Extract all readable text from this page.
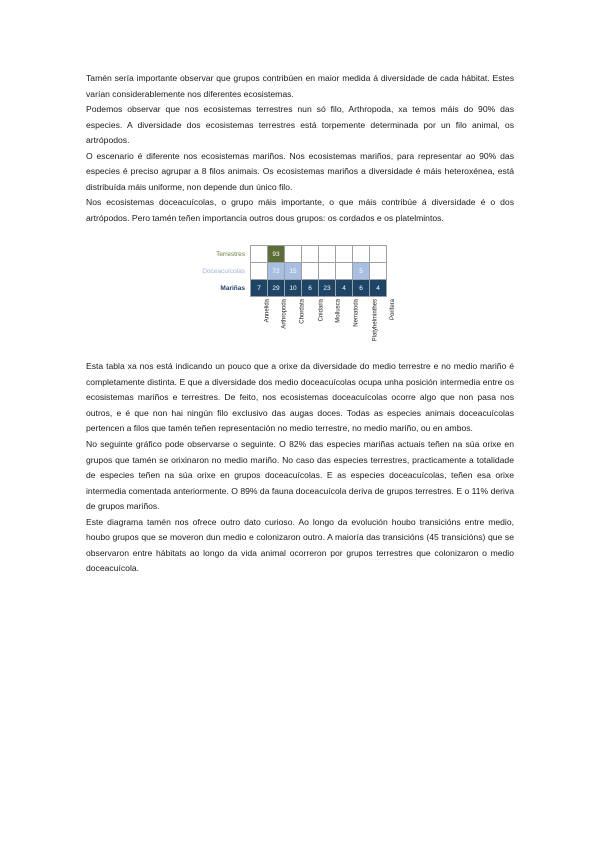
Tamén sería importante observar que grupos contribúen en maior medida á diversidade de cada hábitat. Estes varían considerablemente nos diferentes ecosistemas.
Podemos observar que nos ecosistemas terrestres nun só filo, Arthropoda, xa temos máis do 90% das especies. A diversidade dos ecosistemas terrestres está torpemente determinada por un filo animal, os artrópodos.
O escenario é diferente nos ecosistemas mariños. Nos ecosistemas mariños, para representar ao 90% das especies é preciso agrupar a 8 filos animais. Os ecosistemas mariños a diversidade é máis heteroxénea, está distribuída máis uniforme, non depende dun único filo.
Nos ecosistemas doceacuícolas, o grupo máis importante, o que máis contribúe á diversidade é o dos artrópodos. Pero tamén teñen importancia outros dous grupos: os cordados e os platelmintos.
Terrestres		93						
Doceacuícolas		72	15				5	
Mariñas	7	29	10	6	23	4	6	4
Annelida Arthropoda Chordata Cnidaria Mollusca Nematoda Platyhelminthes Porifera
Esta tabla xa nos está indicando un pouco que a orixe da diversidade do medio terrestre e no medio mariño é completamente distinta. E que a diversidade dos medio doceacuícolas ocupa unha posición intermedia entre os ecosistemas mariños e terrestres. De feito, nos ecosistemas doceacuícolas ocorre algo que non pasa nos outros, e é que non hai ningún filo exclusivo das augas doces. Todas as especies animais doceacuícolas pertencen a filos que tamén teñen representación no medio terrestre, no medio mariño, ou en ambos.
No seguinte gráfico pode observarse o seguinte. O 82% das especies mariñas actuais teñen na súa orixe en grupos que tamén se orixinaron no medio mariño. No caso das especies terrestres, practicamente a totalidade de especies teñen na súa orixe en grupos doceacuícolas. E as especies doceacuícolas, teñen esa orixe intermedia comentada anteriormente. O 89% da fauna doceacuícola deriva de grupos terrestres. E o 11% deriva de grupos mariños.
Este diagrama tamén nos ofrece outro dato curioso. Ao longo da evolución houbo transicións entre medio, houbo grupos que se moveron dun medio e colonizaron outro. A maioría das transicións (45 transicións) que se observaron entre hábitats ao longo da vida animal ocorreron por grupos terrestres que colonizaron o medio doceacuícola.
